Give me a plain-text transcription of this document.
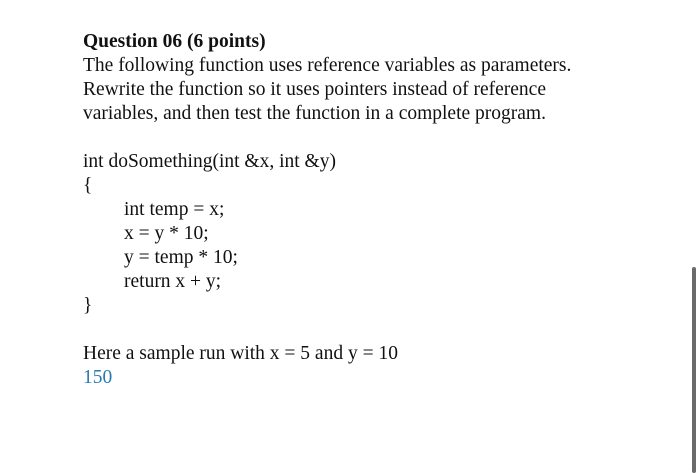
Question 06 (6 points)

The following function uses reference variables as parameters.

Rewrite the function so it uses pointers instead of reference

variables, and then test the function in a complete program.

int doSomething(int &x, int &y)

{

int temp = x;

x = y * 10;

y = temp * 10;

return x + y;

}

Here a sample run with x = 5 and y = 10

150
